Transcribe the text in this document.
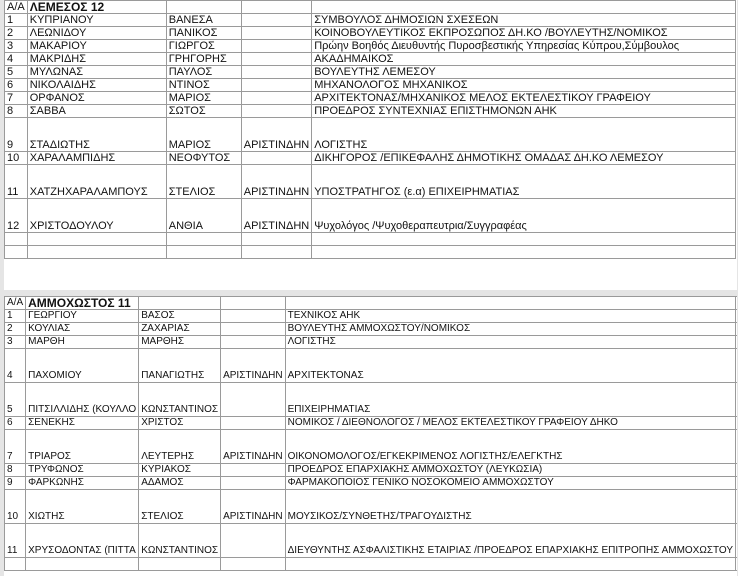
Α/Α	ΛΕΜΕΣΟΣ 12			
1	ΚΥΠΡΙΑΝΟΥ	ΒΑΝΕΣΑ		ΣΥΜΒΟΥΛΟΣ ΔΗΜΟΣΙΩΝ ΣΧΕΣΕΩΝ
2	ΛΕΩΝΙΔΟΥ	ΠΑΝΙΚΟΣ		ΚΟΙΝΟΒΟΥΛΕΥΤΙΚΟΣ ΕΚΠΡΟΣΩΠΟΣ ΔΗ.ΚΟ /ΒΟΥΛΕΥΤΗΣ/ΝΟΜΙΚΟΣ
3	ΜΑΚΑΡΙΟΥ	ΓΙΩΡΓΟΣ		Πρώην Βοηθός Διευθυντής Πυροσβεστικής Υπηρεσίας Κύπρου,Σύμβουλος
4	ΜΑΚΡΙΔΗΣ	ΓΡΗΓΟΡΗΣ		ΑΚΑΔΗΜΑΙΚΟΣ
5	ΜΥΛΩΝΑΣ	ΠΑΥΛΟΣ		ΒΟΥΛΕΥΤΗΣ ΛΕΜΕΣΟΥ
6	ΝΙΚΟΛΑΙΔΗΣ	ΝΤΙΝΟΣ		ΜΗΧΑΝΟΛΟΓΟΣ ΜΗΧΑΝΙΚΟΣ
7	ΟΡΦΑΝΟΣ	ΜΑΡΙΟΣ		ΑΡΧΙΤΕΚΤΟΝΑΣ/ΜΗΧΑΝΙΚΟΣ ΜΕΛΟΣ ΕΚΤΕΛΕΣΤΙΚΟΥ ΓΡΑΦΕΙΟΥ
8	ΣΑΒΒΑ	ΣΩΤΟΣ		ΠΡΟΕΔΡΟΣ ΣΥΝΤΕΧΝΙΑΣ ΕΠΙΣΤΗΜΟΝΩΝ ΑΗΚ
9	ΣΤΑΔΙΩΤΗΣ	ΜΑΡΙΟΣ	ΑΡΙΣΤΙΝΔΗΝ	ΛΟΓΙΣΤΗΣ
10	ΧΑΡΑΛΑΜΠΙΔΗΣ	ΝΕΟΦΥΤΟΣ		ΔΙΚΗΓΟΡΟΣ /ΕΠΙΚΕΦΑΛΗΣ ΔΗΜΟΤΙΚΗΣ ΟΜΑΔΑΣ ΔΗ.ΚΟ ΛΕΜΕΣΟΥ
11	ΧΑΤΖΗΧΑΡΑΛΑΜΠΟΥΣ	ΣΤΕΛΙΟΣ	ΑΡΙΣΤΙΝΔΗΝ	ΥΠΟΣΤΡΑΤΗΓΟΣ (ε.α) ΕΠΙΧΕΙΡΗΜΑΤΙΑΣ
12	ΧΡΙΣΤΟΔΟΥΛΟΥ	ΑΝΘΙΑ	ΑΡΙΣΤΙΝΔΗΝ	Ψυχολόγος /Ψυχοθεραπευτρια/Συγγραφέας

Α/Α	ΑΜΜΟΧΩΣΤΟΣ 11				
1	ΓΕΩΡΓΙΟΥ	ΒΑΣΟΣ		ΤΕΧΝΙΚΟΣ ΑΗΚ	
2	ΚΟΥΛΙΑΣ	ΖΑΧΑΡΙΑΣ		ΒΟΥΛΕΥΤΗΣ ΑΜΜΟΧΩΣΤΟΥ/ΝΟΜΙΚΟΣ	
3	ΜΑΡΘΗ	ΜΑΡΘΗΣ		ΛΟΓΙΣΤΗΣ	
4	ΠΑΧΟΜΙΟΥ	ΠΑΝΑΓΙΩΤΗΣ	ΑΡΙΣΤΙΝΔΗΝ	ΑΡΧΙΤΕΚΤΟΝΑΣ	
5	ΠΙΤΣΙΛΛΙΔΗΣ (ΚΟΥΛΛΟ	ΚΩΝΣΤΑΝΤΙΝΟΣ		ΕΠΙΧΕΙΡΗΜΑΤΙΑΣ	
6	ΣΕΝΕΚΗΣ	ΧΡΙΣΤΟΣ		ΝΟΜΙΚΟΣ / ΔΙΕΘΝΟΛΟΓΟΣ / ΜΕΛΟΣ ΕΚΤΕΛΕΣΤΙΚΟΥ ΓΡΑΦΕΙΟΥ ΔΗΚΟ	
7	ΤΡΙΑΡΟΣ	ΛΕΥΤΕΡΗΣ	ΑΡΙΣΤΙΝΔΗΝ	ΟΙΚΟΝΟΜΟΛΟΓΟΣ/ΕΓΚΕΚΡΙΜΕΝΟΣ ΛΟΓΙΣΤΗΣ/ΕΛΕΓΚΤΗΣ	
8	ΤΡΥΦΩΝΟΣ	ΚΥΡΙΑΚΟΣ		ΠΡΟΕΔΡΟΣ ΕΠΑΡΧΙΑΚΗΣ ΑΜΜΟΧΩΣΤΟΥ (ΛΕΥΚΩΣΙΑ)	
9	ΦΑΡΚΩΝΗΣ	ΑΔΑΜΟΣ		ΦΑΡΜΑΚΟΠΟΙΟΣ ΓΕΝΙΚΟ ΝΟΣΟΚΟΜΕΙΟ ΑΜΜΟΧΩΣΤΟΥ	
10	ΧΙΩΤΗΣ	ΣΤΕΛΙΟΣ	ΑΡΙΣΤΙΝΔΗΝ	ΜΟΥΣΙΚΟΣ/ΣΥΝΘΕΤΗΣ/ΤΡΑΓΟΥΔΙΣΤΗΣ	
11	ΧΡΥΣΟΔΟΝΤΑΣ (ΠΙΤΤΑ	ΚΩΝΣΤΑΝΤΙΝΟΣ		ΔΙΕΥΘΥΝΤΗΣ ΑΣΦΑΛΙΣΤΙΚΗΣ ΕΤΑΙΡΙΑΣ /ΠΡΟΕΔΡΟΣ ΕΠΑΡΧΙΑΚΗΣ ΕΠΙΤΡΟΠΗΣ ΑΜΜΟΧΩΣΤΟΥ	
